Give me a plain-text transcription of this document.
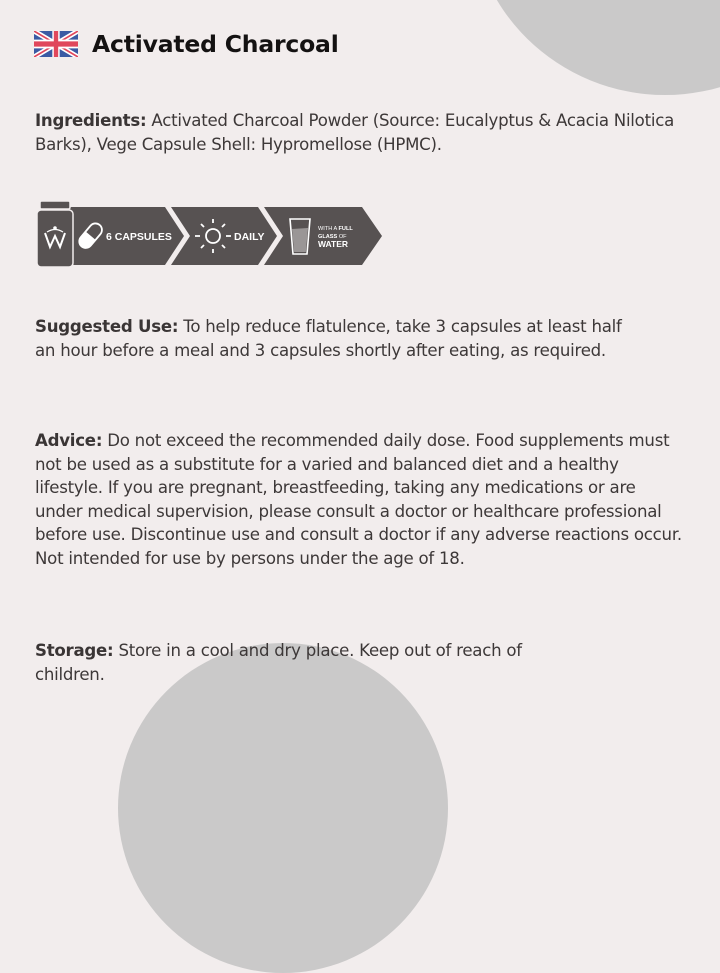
Activated Charcoal

Ingredients: Activated Charcoal Powder (Source: Eucalyptus & Acacia Nilotica Barks), Vege Capsule Shell: Hypromellose (HPMC).

6 CAPSULES	DAILY
WITH A FULL
GLASS OF
WATER

Suggested Use: To help reduce flatulence, take 3 capsules at least half an hour before a meal and 3 capsules shortly after eating, as required.

Advice: Do not exceed the recommended daily dose. Food supplements must not be used as a substitute for a varied and balanced diet and a healthy lifestyle. If you are pregnant, breastfeeding, taking any medications or are under medical supervision, please consult a doctor or healthcare professional before use. Discontinue use and consult a doctor if any adverse reactions occur. Not intended for use by persons under the age of 18.

Storage: Store in a cool and dry place. Keep out of reach of children.
